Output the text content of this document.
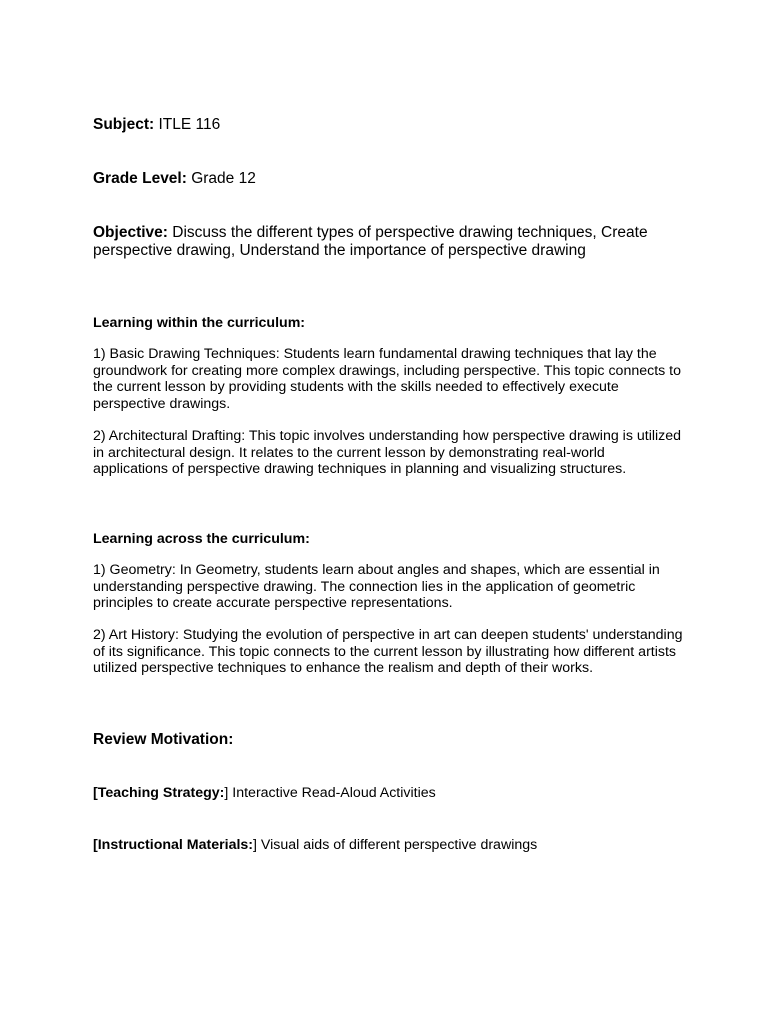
Subject: ITLE 116

Grade Level: Grade 12

Objective: Discuss the different types of perspective drawing techniques, Create perspective drawing, Understand the importance of perspective drawing

Learning within the curriculum:

1) Basic Drawing Techniques: Students learn fundamental drawing techniques that lay the groundwork for creating more complex drawings, including perspective. This topic connects to the current lesson by providing students with the skills needed to effectively execute perspective drawings.

2) Architectural Drafting: This topic involves understanding how perspective drawing is utilized in architectural design. It relates to the current lesson by demonstrating real-world applications of perspective drawing techniques in planning and visualizing structures.

Learning across the curriculum:

1) Geometry: In Geometry, students learn about angles and shapes, which are essential in understanding perspective drawing. The connection lies in the application of geometric principles to create accurate perspective representations.

2) Art History: Studying the evolution of perspective in art can deepen students' understanding of its significance. This topic connects to the current lesson by illustrating how different artists utilized perspective techniques to enhance the realism and depth of their works.

Review Motivation:

[Teaching Strategy:] Interactive Read-Aloud Activities

[Instructional Materials:] Visual aids of different perspective drawings
